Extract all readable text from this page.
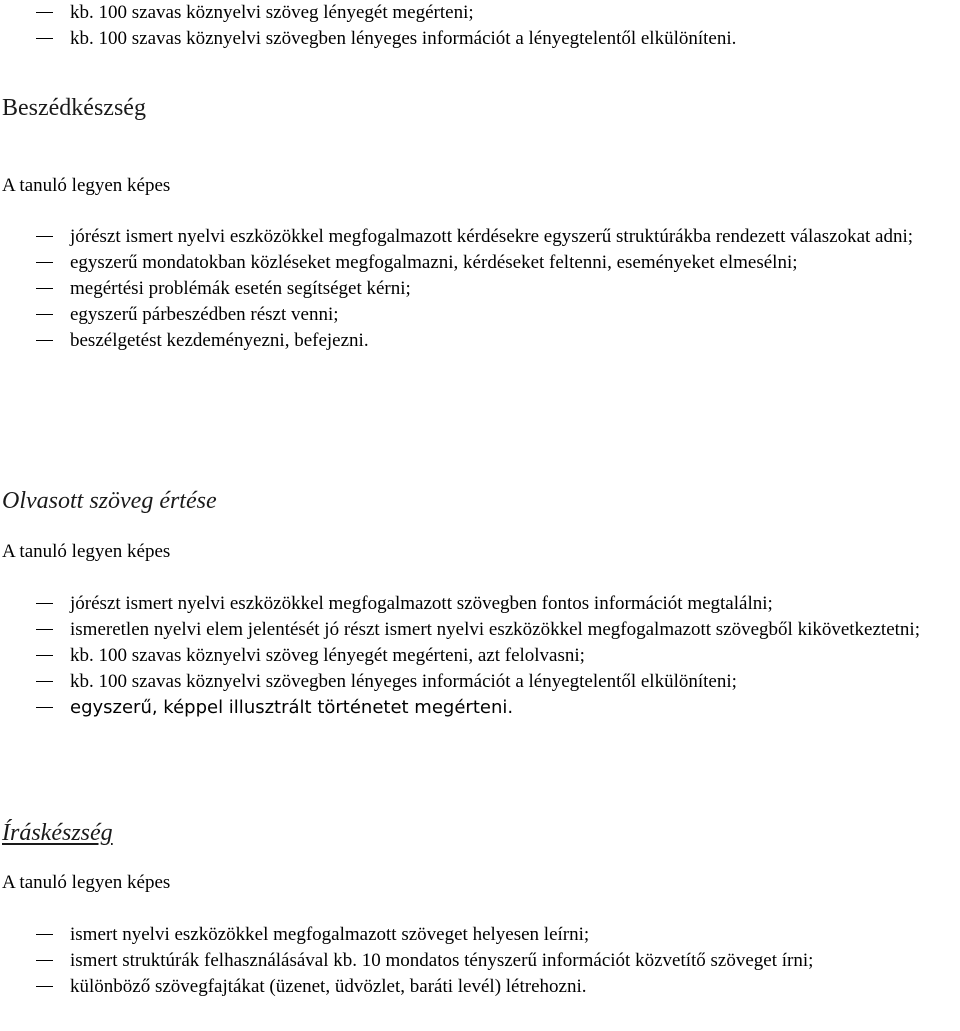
kb. 100 szavas köznyelvi szöveg lényegét megérteni;
kb. 100 szavas köznyelvi szövegben lényeges információt a lényegtelentől elkülöníteni.
Beszédkészség
A tanuló legyen képes
jórészt ismert nyelvi eszközökkel megfogalmazott kérdésekre egyszerű struktúrákba rendezett válaszokat adni;
egyszerű mondatokban közléseket megfogalmazni, kérdéseket feltenni, eseményeket elmesélni;
megértési problémák esetén segítséget kérni;
egyszerű párbeszédben részt venni;
beszélgetést kezdeményezni, befejezni.
Olvasott szöveg értése
A tanuló legyen képes
jórészt ismert nyelvi eszközökkel megfogalmazott szövegben fontos információt megtalálni;
ismeretlen nyelvi elem jelentését jó részt ismert nyelvi eszközökkel megfogalmazott szövegből kikövetkeztetni;
kb. 100 szavas köznyelvi szöveg lényegét megérteni, azt felolvasni;
kb. 100 szavas köznyelvi szövegben lényeges információt a lényegtelentől elkülöníteni;
egyszerű, képpel illusztrált történetet megérteni.
Íráskészség
A tanuló legyen képes
ismert nyelvi eszközökkel megfogalmazott szöveget helyesen leírni;
ismert struktúrák felhasználásával kb. 10 mondatos tényszerű információt közvetítő szöveget írni;
különböző szövegfajtákat (üzenet, üdvözlet, baráti levél) létrehozni.
